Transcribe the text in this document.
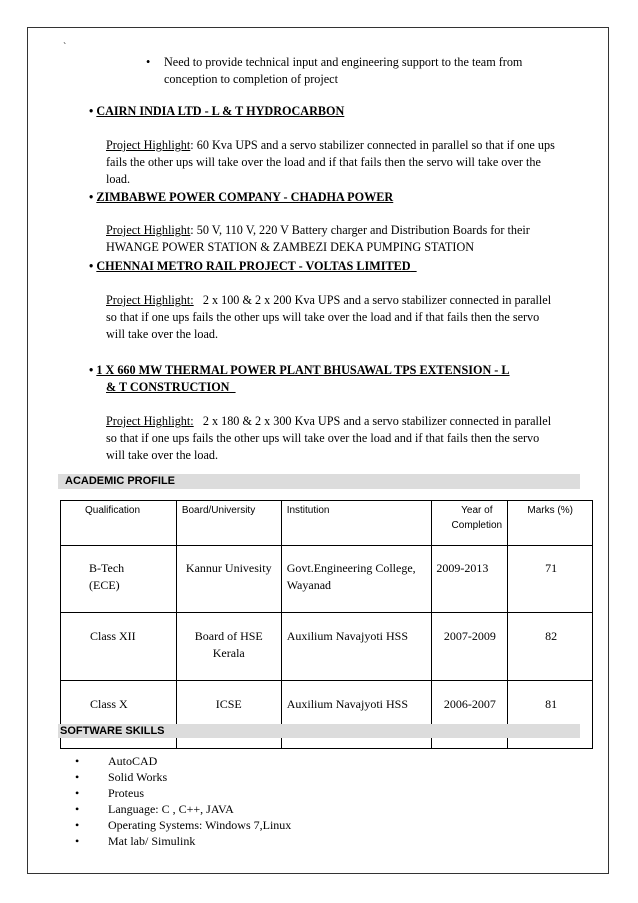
`
• Need to provide technical input and engineering support to the team from
conception to completion of project
• CAIRN INDIA LTD - L & T HYDROCARBON
Project Highlight: 60 Kva UPS and a servo stabilizer connected in parallel so that if one ups
fails the other ups will take over the load and if that fails then the servo will take over the
load.
• ZIMBABWE POWER COMPANY - CHADHA POWER
Project Highlight: 50 V, 110 V, 220 V Battery charger and Distribution Boards for their
HWANGE POWER STATION & ZAMBEZI DEKA PUMPING STATION
• CHENNAI METRO RAIL PROJECT - VOLTAS LIMITED
Project Highlight: 2 x 100 & 2 x 200 Kva UPS and a servo stabilizer connected in parallel
so that if one ups fails the other ups will take over the load and if that fails then the servo
will take over the load.
• 1 X 660 MW THERMAL POWER PLANT BHUSAWAL TPS EXTENSION - L
& T CONSTRUCTION
Project Highlight: 2 x 180 & 2 x 300 Kva UPS and a servo stabilizer connected in parallel
so that if one ups fails the other ups will take over the load and if that fails then the servo
will take over the load.
ACADEMIC PROFILE
Qualification	Board/University	Institution	Year of Completion	Marks (%)
B-Tech (ECE)	Kannur Univesity	Govt.Engineering College, Wayanad	2009-2013	71
Class XII	Board of HSE Kerala	Auxilium Navajyoti HSS	2007-2009	82
Class X	ICSE	Auxilium Navajyoti HSS	2006-2007	81
SOFTWARE SKILLS
• AutoCAD
• Solid Works
• Proteus
• Language: C , C++, JAVA
• Operating Systems: Windows 7,Linux
• Mat lab/ Simulink
